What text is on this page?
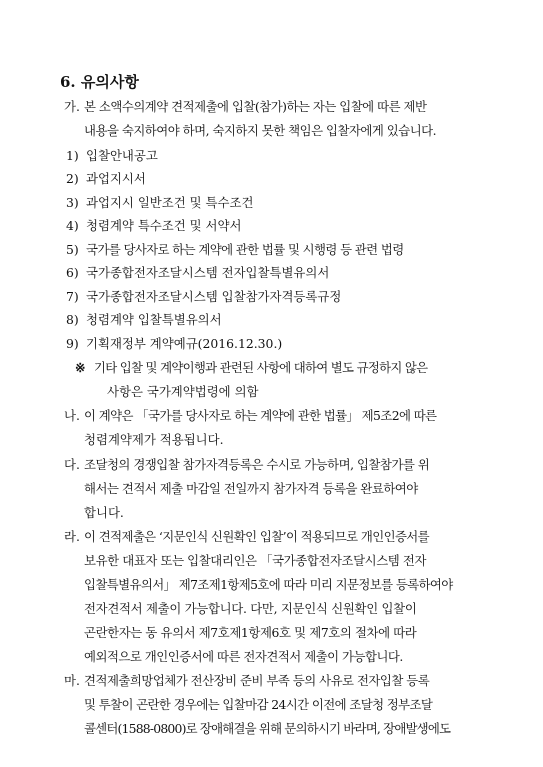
6. 유의사항
가. 본 소액수의계약 견적제출에 입찰(참가)하는 자는 입찰에 따른 제반
내용을 숙지하여야 하며, 숙지하지 못한 책임은 입찰자에게 있습니다.
1) 입찰안내공고
2) 과업지시서
3) 과업지시 일반조건 및 특수조건
4) 청렴계약 특수조건 및 서약서
5) 국가를 당사자로 하는 계약에 관한 법률 및 시행령 등 관련 법령
6) 국가종합전자조달시스템 전자입찰특별유의서
7) 국가종합전자조달시스템 입찰참가자격등록규정
8) 청렴계약 입찰특별유의서
9) 기획재정부 계약예규(2016.12.30.)
※ 기타 입찰 및 계약이행과 관련된 사항에 대하여 별도 규정하지 않은
사항은 국가계약법령에 의함
나. 이 계약은 「국가를 당사자로 하는 계약에 관한 법률」 제5조2에 따른
청렴계약제가 적용됩니다.
다. 조달청의 경쟁입찰 참가자격등록은 수시로 가능하며, 입찰참가를 위
해서는 견적서 제출 마감일 전일까지 참가자격 등록을 완료하여야
합니다.
라. 이 견적제출은 ‘지문인식 신원확인 입찰’이 적용되므로 개인인증서를
보유한 대표자 또는 입찰대리인은 「국가종합전자조달시스템 전자
입찰특별유의서」 제7조제1항제5호에 따라 미리 지문정보를 등록하여야
전자견적서 제출이 가능합니다. 다만, 지문인식 신원확인 입찰이
곤란한자는 동 유의서 제7호제1항제6호 및 제7호의 절차에 따라
예외적으로 개인인증서에 따른 전자견적서 제출이 가능합니다.
마. 견적제출희망업체가 전산장비 준비 부족 등의 사유로 전자입찰 등록
및 투찰이 곤란한 경우에는 입찰마감 24시간 이전에 조달청 정부조달
콜센터(1588-0800)로 장애해결을 위해 문의하시기 바라며, 장애발생에도
